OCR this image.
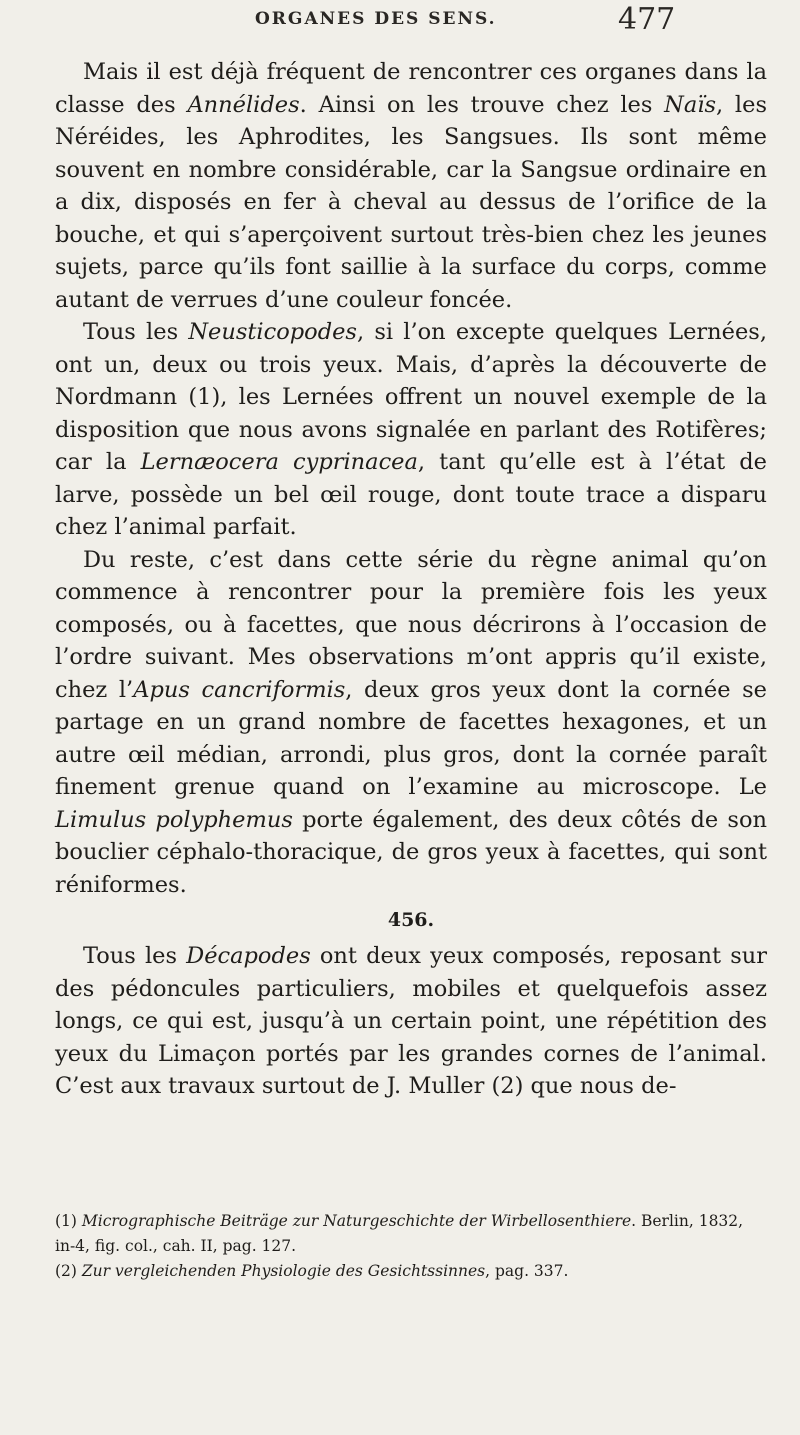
ORGANES DES SENS.	477

Mais il est déjà fréquent de rencontrer ces organes dans la classe des Annélides. Ainsi on les trouve chez les Naïs, les Néréides, les Aphrodites, les Sangsues. Ils sont même souvent en nombre considérable, car la Sangsue ordinaire en a dix, disposés en fer à cheval au dessus de l’orifice de la bouche, et qui s’aperçoivent surtout très-bien chez les jeunes sujets, parce qu’ils font saillie à la surface du corps, comme autant de verrues d’une couleur foncée.

Tous les Neusticopodes, si l’on excepte quelques Lernées, ont un, deux ou trois yeux. Mais, d’après la découverte de Nordmann (1), les Lernées offrent un nouvel exemple de la disposition que nous avons signalée en parlant des Rotifères; car la Lernæocera cyprinacea, tant qu’elle est à l’état de larve, possède un bel œil rouge, dont toute trace a disparu chez l’animal parfait.

Du reste, c’est dans cette série du règne animal qu’on commence à rencontrer pour la première fois les yeux composés, ou à facettes, que nous décrirons à l’occasion de l’ordre suivant. Mes observations m’ont appris qu’il existe, chez l’Apus cancriformis, deux gros yeux dont la cornée se partage en un grand nombre de facettes hexagones, et un autre œil médian, arrondi, plus gros, dont la cornée paraît finement grenue quand on l’examine au microscope. Le Limulus polyphemus porte également, des deux côtés de son bouclier céphalo-thoracique, de gros yeux à facettes, qui sont réniformes.

456.

Tous les Décapodes ont deux yeux composés, reposant sur des pédoncules particuliers, mobiles et quelquefois assez longs, ce qui est, jusqu’à un certain point, une répétition des yeux du Limaçon portés par les grandes cornes de l’animal. C’est aux travaux surtout de J. Muller (2) que nous de-

(1) Micrographische Beiträge zur Naturgeschichte der Wirbellosenthiere. Berlin, 1832, in-4, fig. col., cah. II, pag. 127.

(2) Zur vergleichenden Physiologie des Gesichtssinnes, pag. 337.
